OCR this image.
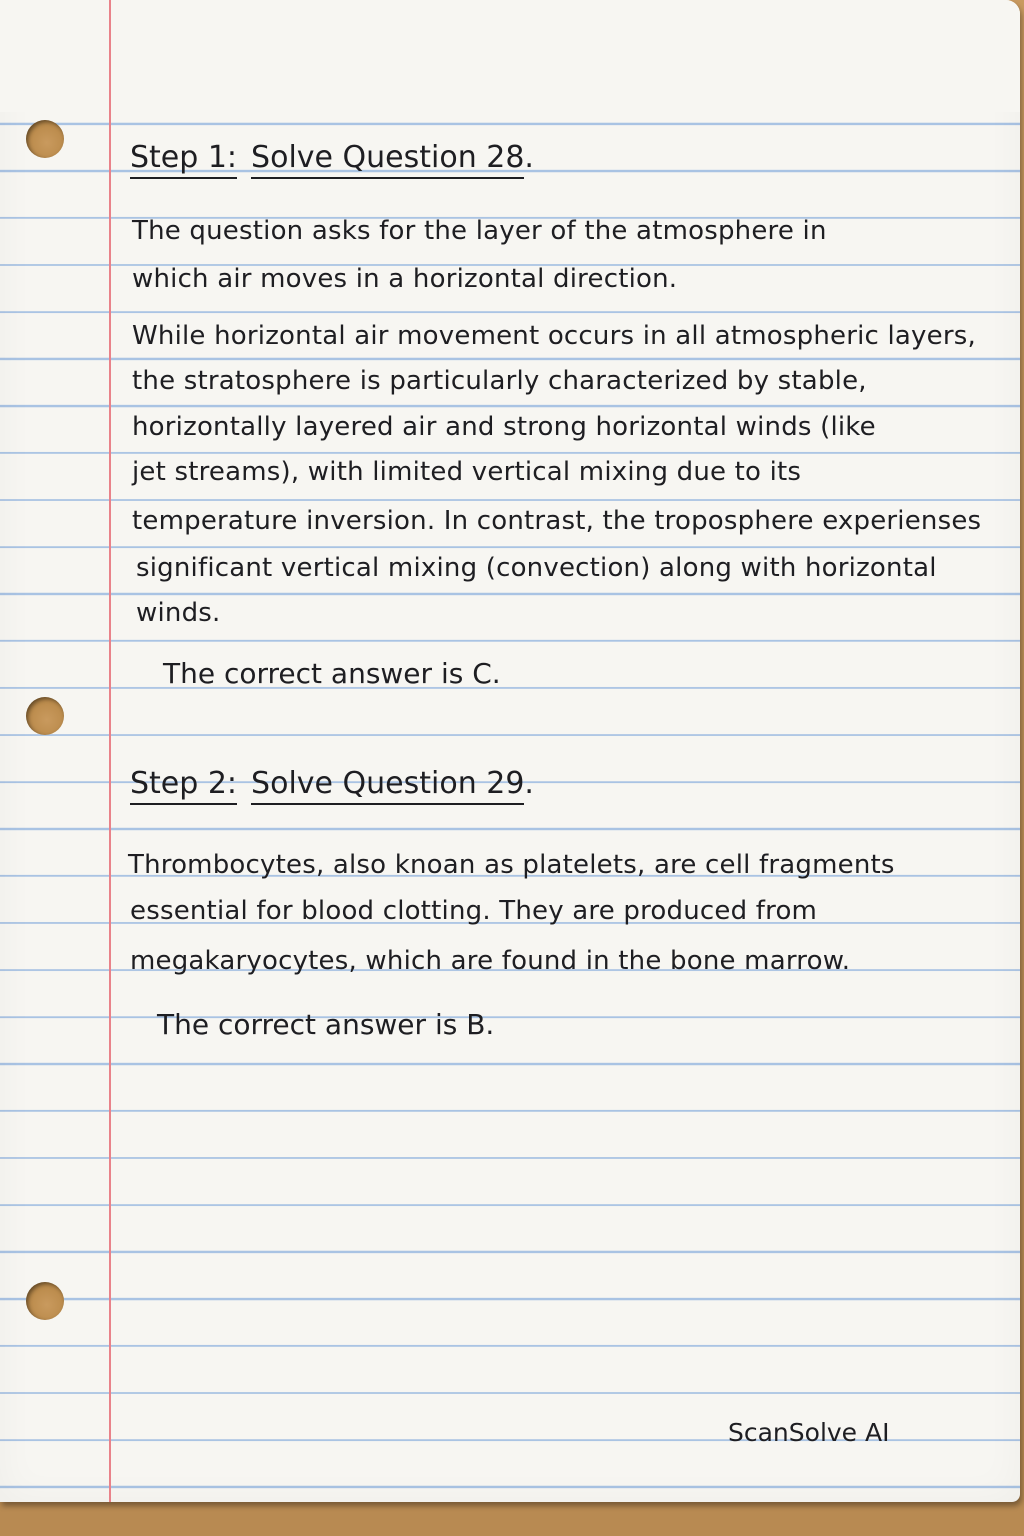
Step 1: Solve Question 28.
The question asks for the layer of the atmosphere in
which air moves in a horizontal direction.
While horizontal air movement occurs in all atmospheric layers,
the stratosphere is particularly characterized by stable,
horizontally layered air and strong horizontal winds (like
jet streams), with limited vertical mixing due to its
temperature inversion. In contrast, the troposphere experienses
significant vertical mixing (convection) along with horizontal
winds.
The correct answer is C.
Step 2: Solve Question 29.
Thrombocytes, also knoan as platelets, are cell fragments
essential for blood clotting. They are produced from
megakaryocytes, which are found in the bone marrow.
The correct answer is B.
ScanSolve AI
